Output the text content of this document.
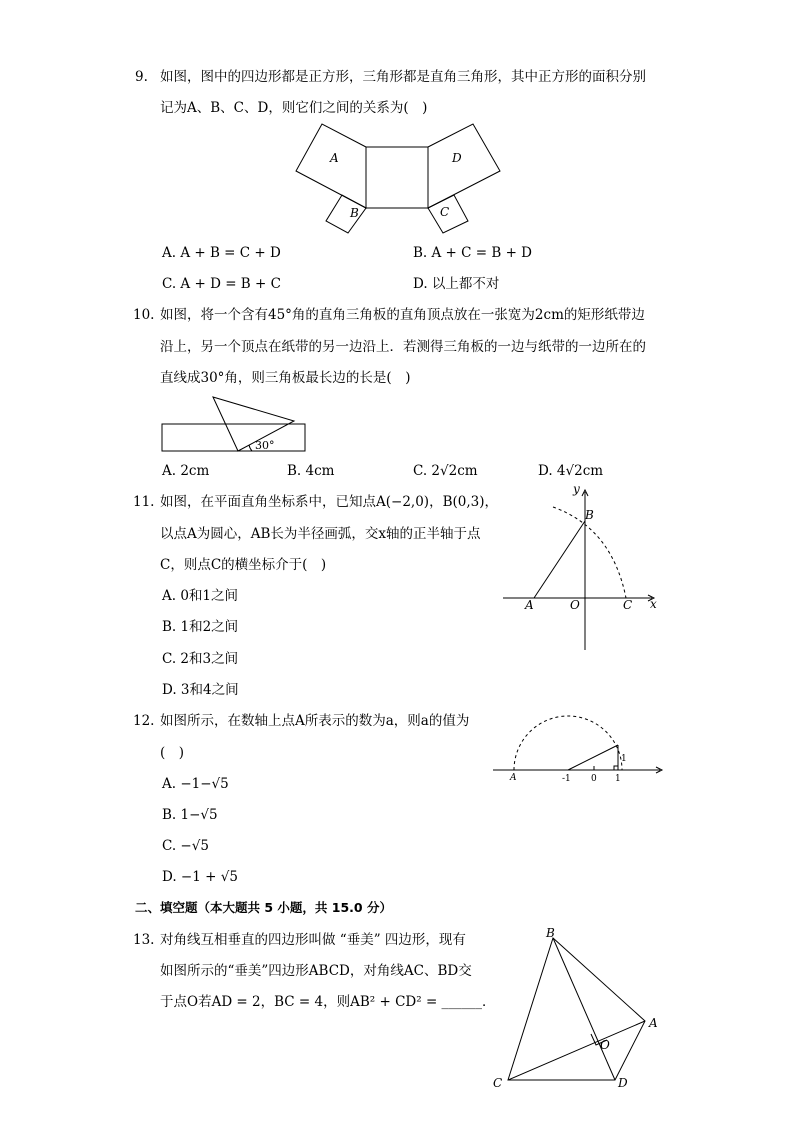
9. 如图，图中的四边形都是正方形，三角形都是直角三角形，其中正方形的面积分别
记为A、B、C、D，则它们之间的关系为(　)
A
B
D
C
A. A + B = C + D	B. A + C = B + D
C. A + D = B + C	D. 以上都不对
10. 如图，将一个含有45°角的直角三角板的直角顶点放在一张宽为2cm的矩形纸带边
沿上，另一个顶点在纸带的另一边沿上．若测得三角板的一边与纸带的一边所在的
直线成30°角，则三角板最长边的长是(　)
30°
A. 2cm	B. 4cm	C. 2√2cm	D. 4√2cm
11. 如图，在平面直角坐标系中，已知点A(−2,0)，B(0,3)，
以点A为圆心，AB长为半径画弧，交x轴的正半轴于点
C，则点C的横坐标介于(　)
A. 0和1之间
B. 1和2之间
C. 2和3之间
D. 3和4之间
y
B
A	O	C x
12. 如图所示，在数轴上点A所表示的数为a，则a的值为
(　)
A. −1−√5
B. 1−√5
C. −√5
D. −1 + √5
A	-1 0 1
1
二、填空题（本大题共 5 小题，共 15.0 分）
13. 对角线互相垂直的四边形叫做 “垂美” 四边形，现有
如图所示的“垂美”四边形ABCD，对角线AC、BD交
于点O若AD = 2，BC = 4，则AB² + CD² = ______．
B
A
O
C	D
